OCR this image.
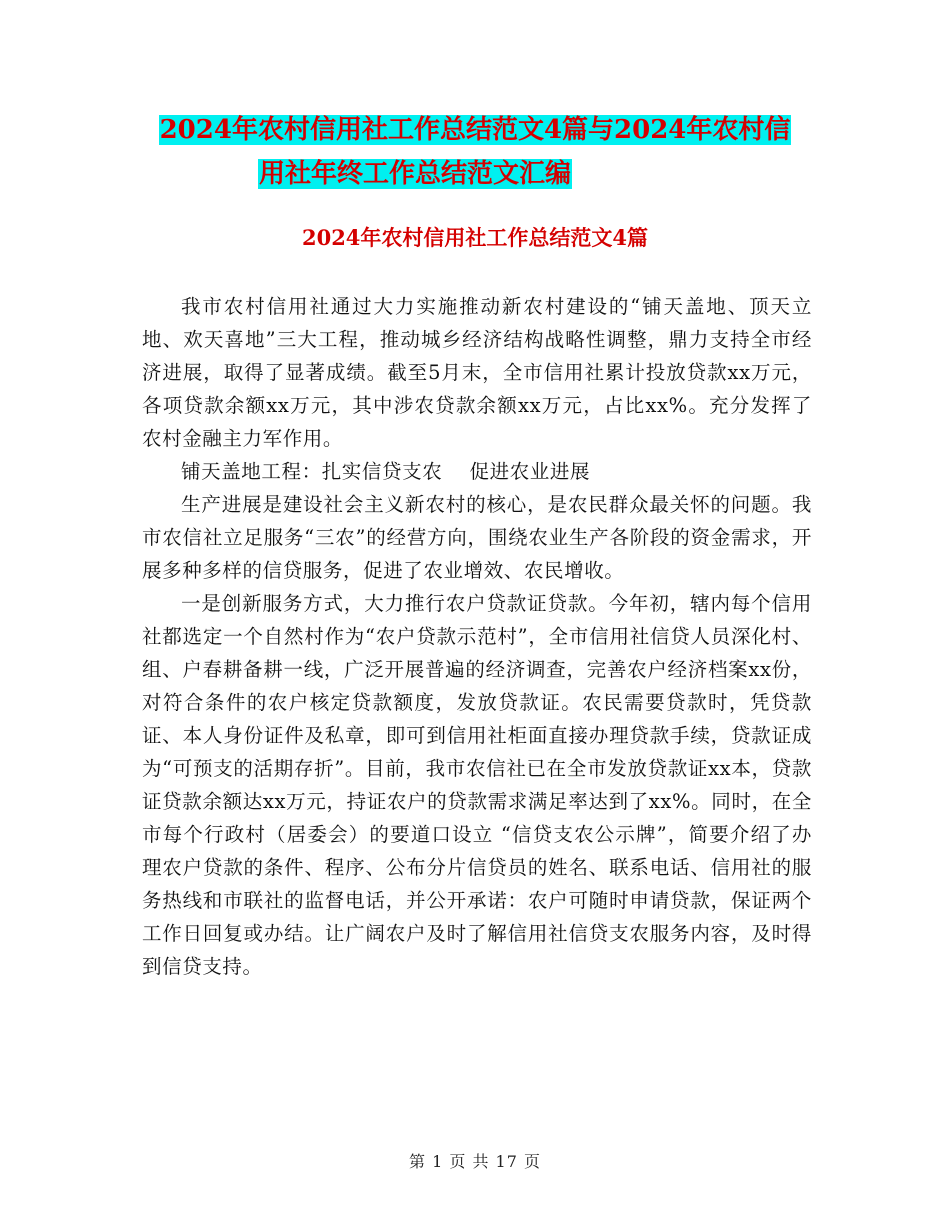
2024年农村信用社工作总结范文4篇与2024年农村信
用社年终工作总结范文汇编
2024年农村信用社工作总结范文4篇

我市农村信用社通过大力实施推动新农村建设的“铺天盖地、顶天立地、欢天喜地”三大工程，推动城乡经济结构战略性调整，鼎力支持全市经济进展，取得了显著成绩。截至5月末，全市信用社累计投放贷款xx万元，各项贷款余额xx万元，其中涉农贷款余额xx万元，占比xx%。充分发挥了农村金融主力军作用。

铺天盖地工程：扎实信贷支农    促进农业进展

生产进展是建设社会主义新农村的核心，是农民群众最关怀的问题。我市农信社立足服务“三农”的经营方向，围绕农业生产各阶段的资金需求，开展多种多样的信贷服务，促进了农业增效、农民增收。

一是创新服务方式，大力推行农户贷款证贷款。今年初，辖内每个信用社都选定一个自然村作为“农户贷款示范村”，全市信用社信贷人员深化村、组、户春耕备耕一线，广泛开展普遍的经济调查，完善农户经济档案xx份，对符合条件的农户核定贷款额度，发放贷款证。农民需要贷款时，凭贷款证、本人身份证件及私章，即可到信用社柜面直接办理贷款手续，贷款证成为“可预支的活期存折”。目前，我市农信社已在全市发放贷款证xx本，贷款证贷款余额达xx万元，持证农户的贷款需求满足率达到了xx%。同时，在全市每个行政村（居委会）的要道口设立 “信贷支农公示牌”，简要介绍了办理农户贷款的条件、程序、公布分片信贷员的姓名、联系电话、信用社的服务热线和市联社的监督电话，并公开承诺：农户可随时申请贷款，保证两个工作日回复或办结。让广阔农户及时了解信用社信贷支农服务内容，及时得到信贷支持。

第 1 页 共 17 页
